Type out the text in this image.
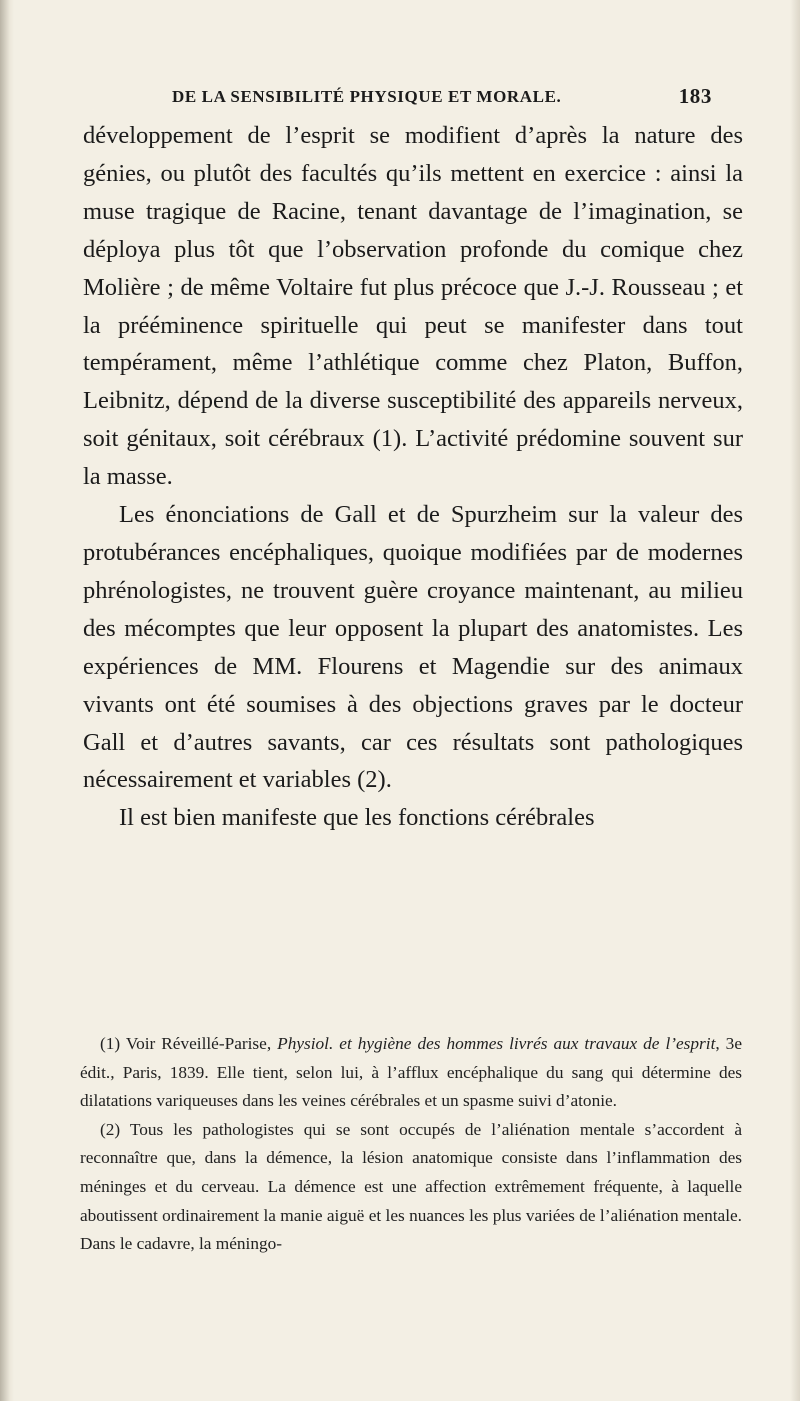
DE LA SENSIBILITÉ PHYSIQUE ET MORALE.	183

développement de l’esprit se modifient d’après la nature des génies, ou plutôt des facultés qu’ils mettent en exercice : ainsi la muse tragique de Racine, tenant davantage de l’imagination, se déploya plus tôt que l’observation profonde du comique chez Molière ; de même Voltaire fut plus précoce que J.-J. Rousseau ; et la prééminence spirituelle qui peut se manifester dans tout tempérament, même l’athlétique comme chez Platon, Buffon, Leibnitz, dépend de la diverse susceptibilité des appareils nerveux, soit génitaux, soit cérébraux (1). L’activité prédomine souvent sur la masse.

Les énonciations de Gall et de Spurzheim sur la valeur des protubérances encéphaliques, quoique modifiées par de modernes phrénologistes, ne trouvent guère croyance maintenant, au milieu des mécomptes que leur opposent la plupart des anatomistes. Les expériences de MM. Flourens et Magendie sur des animaux vivants ont été soumises à des objections graves par le docteur Gall et d’autres savants, car ces résultats sont pathologiques nécessairement et variables (2).

Il est bien manifeste que les fonctions cérébrales

(1) Voir Réveillé-Parise, Physiol. et hygiène des hommes livrés aux travaux de l’esprit, 3e édit., Paris, 1839. Elle tient, selon lui, à l’afflux encéphalique du sang qui détermine des dilatations variqueuses dans les veines cérébrales et un spasme suivi d’atonie.

(2) Tous les pathologistes qui se sont occupés de l’aliénation mentale s’accordent à reconnaître que, dans la démence, la lésion anatomique consiste dans l’inflammation des méninges et du cerveau. La démence est une affection extrêmement fréquente, à laquelle aboutissent ordinairement la manie aiguë et les nuances les plus variées de l’aliénation mentale. Dans le cadavre, la méningo-
